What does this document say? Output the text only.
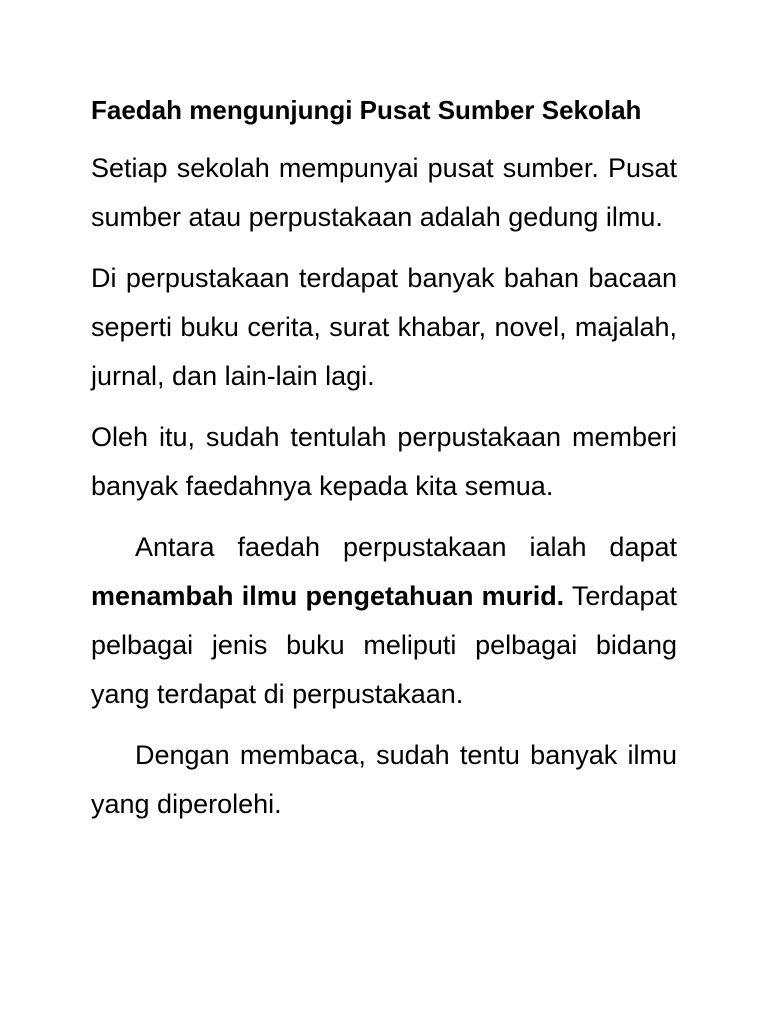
Faedah mengunjungi Pusat Sumber Sekolah

Setiap sekolah mempunyai pusat sumber. Pusat sumber atau perpustakaan adalah gedung ilmu.

Di perpustakaan terdapat banyak bahan bacaan seperti buku cerita, surat khabar, novel, majalah, jurnal, dan lain-lain lagi.

Oleh itu, sudah tentulah perpustakaan memberi banyak faedahnya kepada kita semua.

Antara faedah perpustakaan ialah dapat menambah ilmu pengetahuan murid. Terdapat pelbagai jenis buku meliputi pelbagai bidang yang terdapat di perpustakaan.

Dengan membaca, sudah tentu banyak ilmu yang diperolehi.
